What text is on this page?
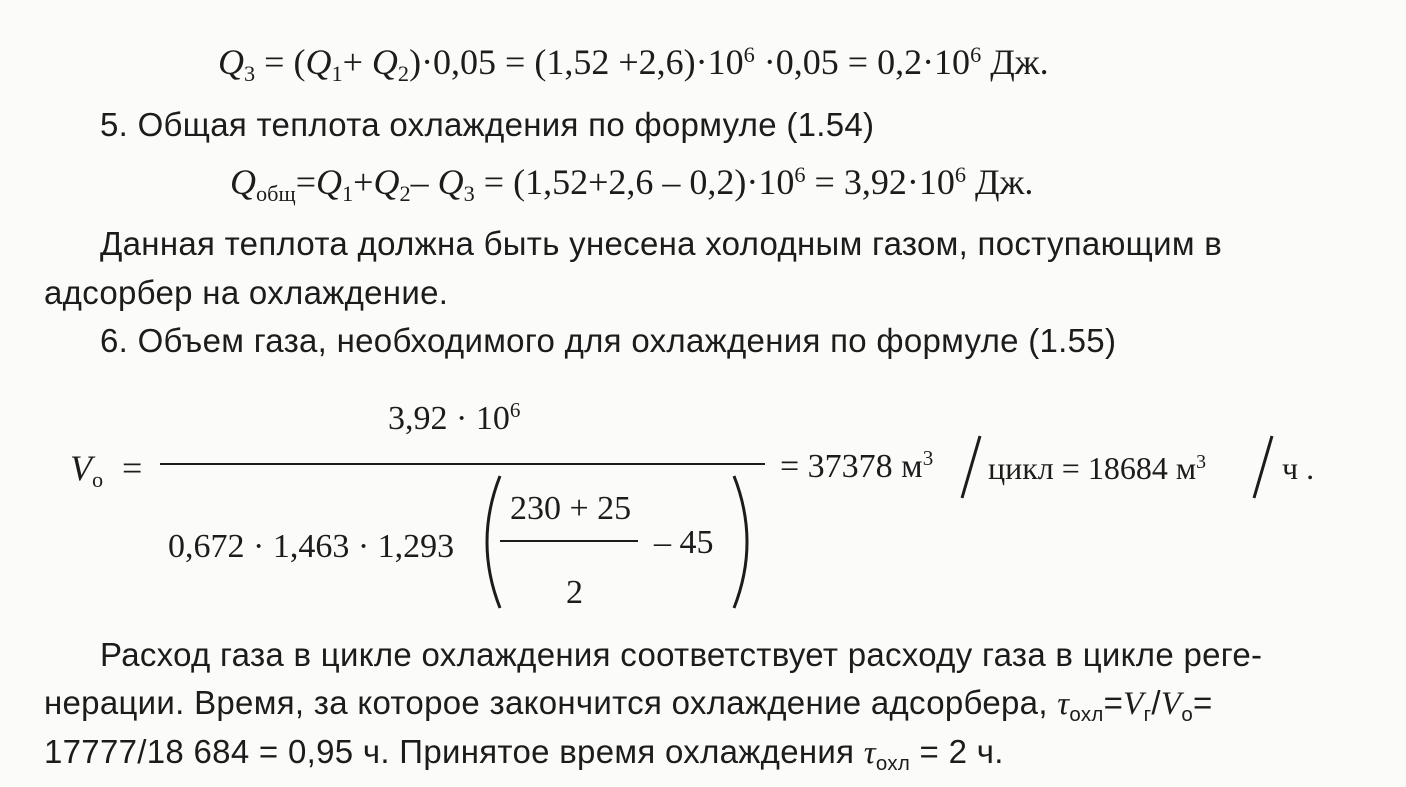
$Q3 = (Q1+ Q2)\cdot 0,05 = (1,52 +2,6)\cdot 10^6 \cdot 0,05 = 0,2\cdot 10^6$ Дж.
5. Общая теплота охлаждения по формуле (1.54)
Qобщ=Q1+Q2– $Q3 = (1,52+2,6 - 0,2)\cdot 10^6 = 3,92\cdot 10^6$ Дж.
Данная теплота должна быть унесена холодным газом, поступающим в
адсорбер на охлаждение.
6. Объем газа, необходимого для охлаждения по формуле (1.55)
Vo =
$3,92 \cdot 10^6$
0,672 · 1,463 · 1,293
230 + 25
2
– 45
= 37378 $м^3$ цикл = 18684 $м^3$ ч .
Расход газа в цикле охлаждения соответствует расходу газа в цикле реге-
нерации. Время, за которое закончится охлаждение адсорбера, τохл=Vг/Vо=
17777/18 684 = 0,95 ч. Принятое время охлаждения τохл = 2 ч.
